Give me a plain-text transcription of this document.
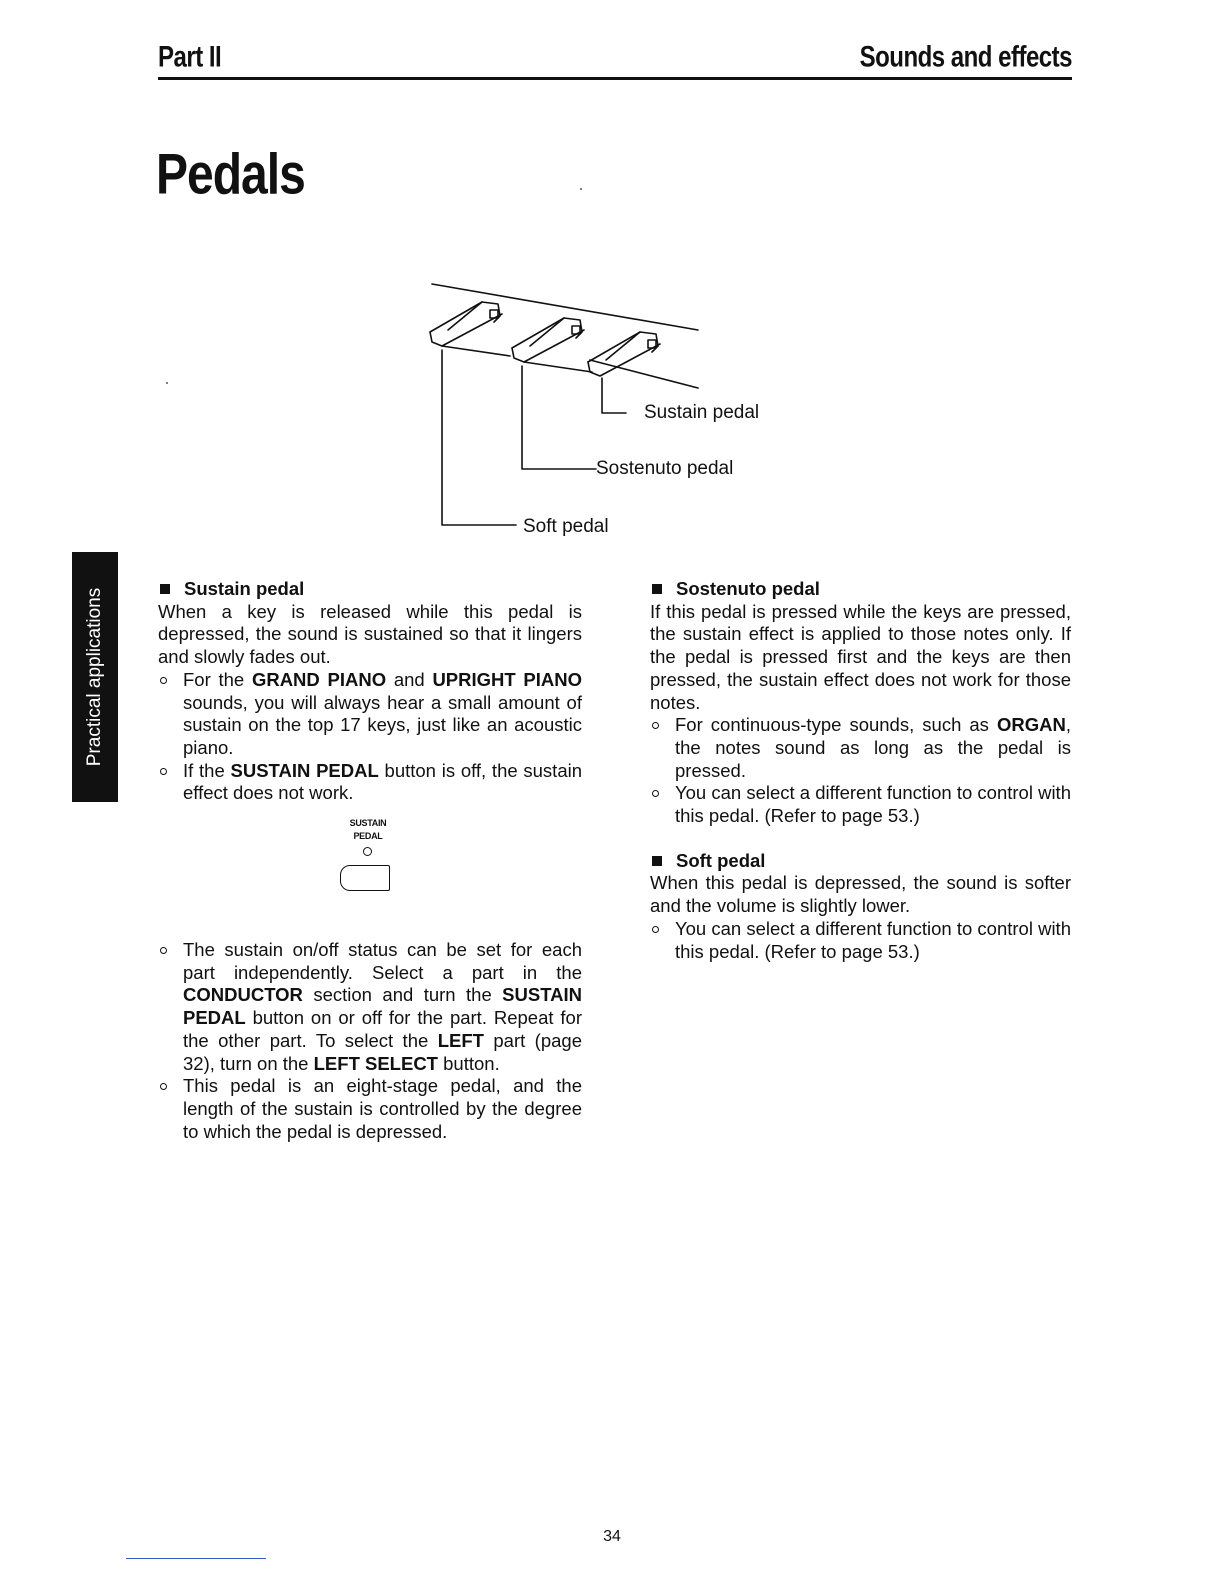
Part II	Sounds and effects
Pedals
Practical applications
Sustain pedal
Sostenuto pedal
Soft pedal
Sustain pedal

When a key is released while this pedal is depressed, the sound is sustained so that it lingers and slowly fades out.

For the GRAND PIANO and UPRIGHT PIANO sounds, you will always hear a small amount of sustain on the top 17 keys, just like an acoustic piano.
If the SUSTAIN PEDAL button is off, the sustain effect does not work.
SUSTAIN
PEDAL
The sustain on/off status can be set for each part independently. Select a part in the CONDUCTOR section and turn the SUSTAIN PEDAL button on or off for the part. Repeat for the other part. To select the LEFT part (page 32), turn on the LEFT SELECT button.
This pedal is an eight-stage pedal, and the length of the sustain is controlled by the degree to which the pedal is depressed.
Sostenuto pedal

If this pedal is pressed while the keys are pressed, the sustain effect is applied to those notes only. If the pedal is pressed first and the keys are then pressed, the sustain effect does not work for those notes.

For continuous-type sounds, such as ORGAN, the notes sound as long as the pedal is pressed.
You can select a different function to control with this pedal. (Refer to page 53.)
Soft pedal

When this pedal is depressed, the sound is softer and the volume is slightly lower.

You can select a different function to control with this pedal. (Refer to page 53.)
34
